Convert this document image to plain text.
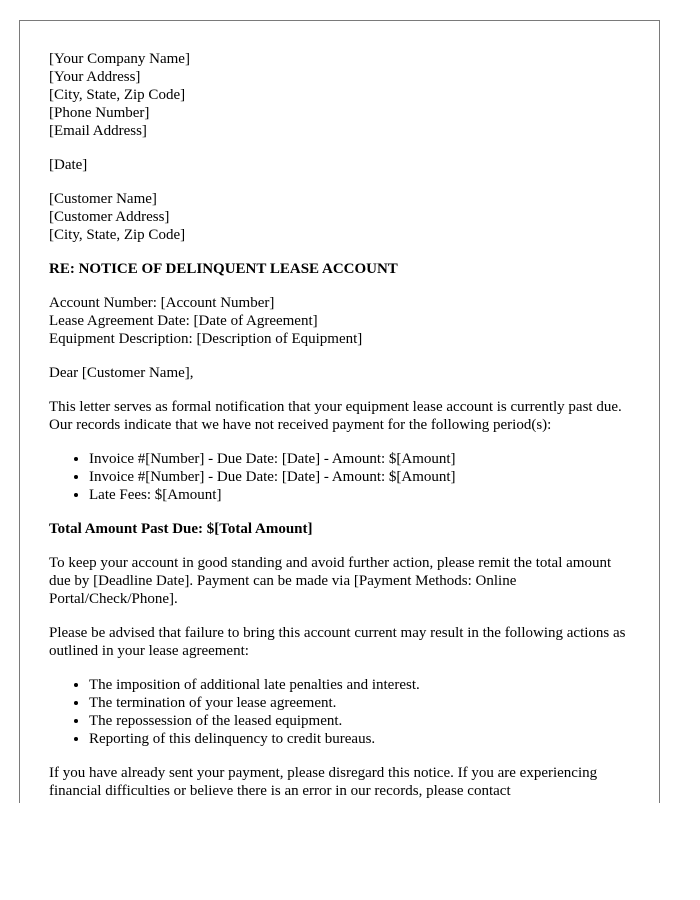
[Your Company Name]
[Your Address]
[City, State, Zip Code]
[Phone Number]
[Email Address]
[Date]
[Customer Name]
[Customer Address]
[City, State, Zip Code]
RE: NOTICE OF DELINQUENT LEASE ACCOUNT
Account Number: [Account Number]
Lease Agreement Date: [Date of Agreement]
Equipment Description: [Description of Equipment]
Dear [Customer Name],

This letter serves as formal notification that your equipment lease account is currently past due. Our records indicate that we have not received payment for the following period(s):

• Invoice #[Number] - Due Date: [Date] - Amount: $[Amount]
• Invoice #[Number] - Due Date: [Date] - Amount: $[Amount]
• Late Fees: $[Amount]
Total Amount Past Due: $[Total Amount]

To keep your account in good standing and avoid further action, please remit the total amount due by [Deadline Date]. Payment can be made via [Payment Methods: Online Portal/Check/Phone].

Please be advised that failure to bring this account current may result in the following actions as outlined in your lease agreement:

• The imposition of additional late penalties and interest.
• The termination of your lease agreement.
• The repossession of the leased equipment.
• Reporting of this delinquency to credit bureaus.

If you have already sent your payment, please disregard this notice. If you are experiencing financial difficulties or believe there is an error in our records, please contact
